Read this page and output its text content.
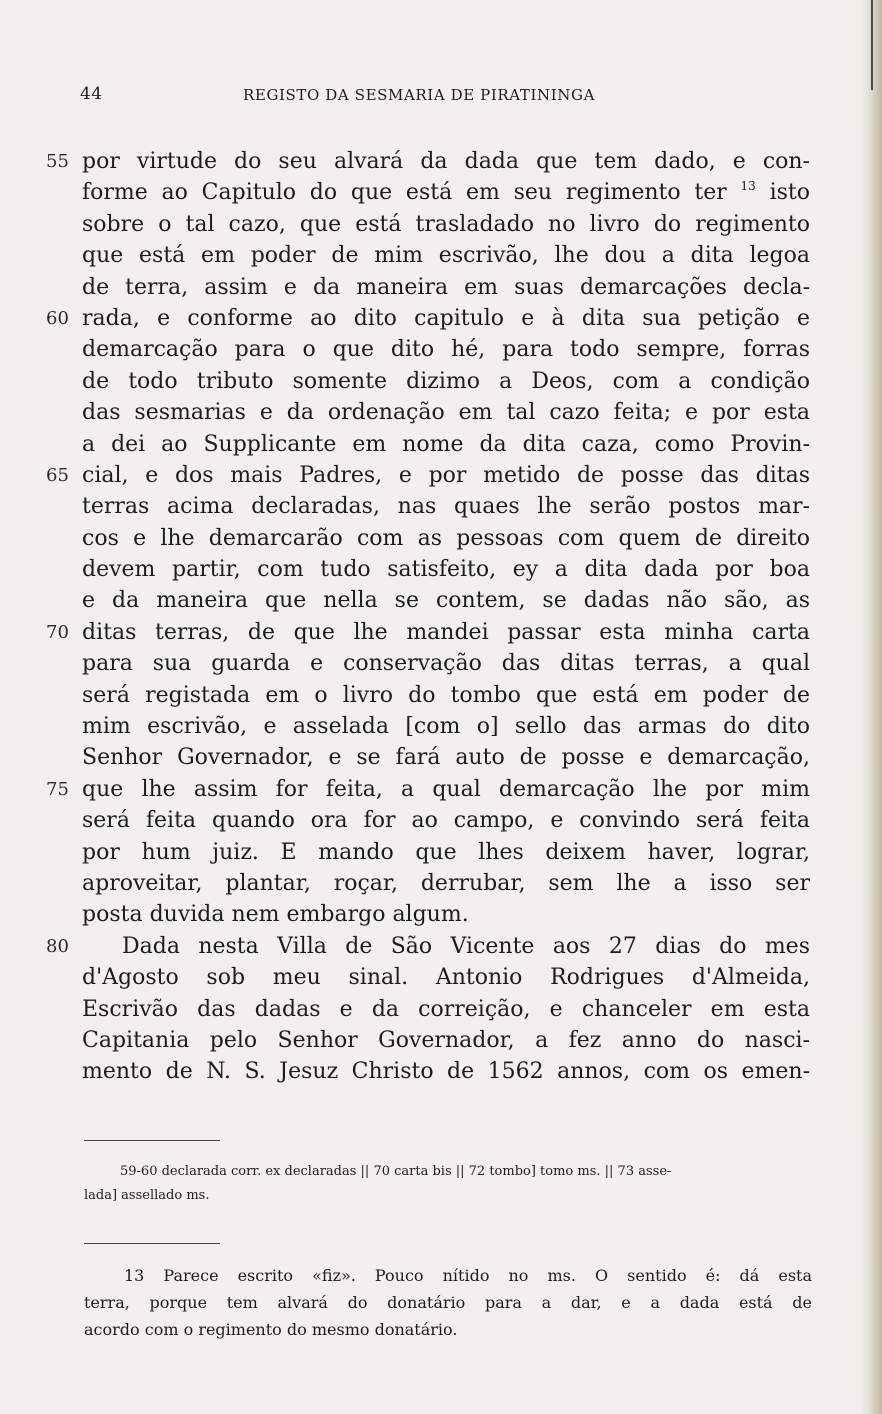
44	REGISTO DA SESMARIA DE PIRATININGA
55 por virtude do seu alvará da dada que tem dado, e con-
forme ao Capitulo do que está em seu regimento ter $^{13}$ isto
sobre o tal cazo, que está trasladado no livro do regimento
que está em poder de mim escrivão, lhe dou a dita legoa
de terra, assim e da maneira em suas demarcações decla-
60 rada, e conforme ao dito capitulo e à dita sua petição e
demarcação para o que dito hé, para todo sempre, forras
de todo tributo somente dizimo a Deos, com a condição
das sesmarias e da ordenação em tal cazo feita; e por esta
a dei ao Supplicante em nome da dita caza, como Provin-
65 cial, e dos mais Padres, e por metido de posse das ditas
terras acima declaradas, nas quaes lhe serão postos mar-
cos e lhe demarcarão com as pessoas com quem de direito
devem partir, com tudo satisfeito, ey a dita dada por boa
e da maneira que nella se contem, se dadas não são, as
70 ditas terras, de que lhe mandei passar esta minha carta
para sua guarda e conservação das ditas terras, a qual
será registada em o livro do tombo que está em poder de
mim escrivão, e asselada [com o] sello das armas do dito
Senhor Governador, e se fará auto de posse e demarcação,
75 que lhe assim for feita, a qual demarcação lhe por mim
será feita quando ora for ao campo, e convindo será feita
por hum juiz. E mando que lhes deixem haver, lograr,
aproveitar, plantar, roçar, derrubar, sem lhe a isso ser
posta duvida nem embargo algum.
80 Dada nesta Villa de São Vicente aos 27 dias do mes
d'Agosto sob meu sinal. Antonio Rodrigues d'Almeida,
Escrivão das dadas e da correição, e chanceler em esta
Capitania pelo Senhor Governador, a fez anno do nasci-
mento de N. S. Jesuz Christo de 1562 annos, com os emen-
59-60 declarada corr. ex declaradas || 70 carta bis || 72 tombo] tomo ms. || 73 asse-
lada] assellado ms.
13 Parece escrito «fiz». Pouco nítido no ms. O sentido é: dá esta
terra, porque tem alvará do donatário para a dar, e a dada está de
acordo com o regimento do mesmo donatário.
